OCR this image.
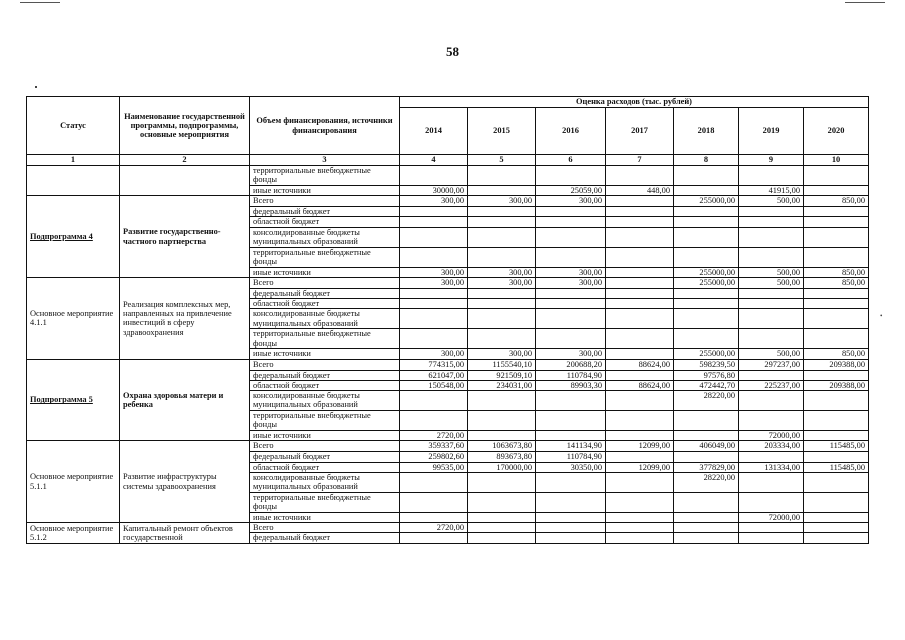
58
•
Статус	Наименование государственной программы, подпрограммы, основные мероприятия	Объем финансирования, источники финансирования	Оценка расходов (тыс. рублей)						
			2014	2015	2016	2017	2018	2019	2020
1	2	3	4	5	6	7	8	9	10
		территориальные внебюджетные фонды							
		иные источники	30000,00		25059,00	448,00		41915,00	
Подпрограмма 4	Развитие государственно-частного партнерства	Всего	300,00	300,00	300,00		255000,00	500,00	850,00
		федеральный бюджет							
		областной бюджет							
		консолидированные бюджеты муниципальных образований							
		территориальные внебюджетные фонды							
		иные источники	300,00	300,00	300,00		255000,00	500,00	850,00
Основное мероприятие 4.1.1	Реализация комплексных мер, направленных на привлечение инвестиций в сферу здравоохранения	Всего	300,00	300,00	300,00		255000,00	500,00	850,00
		федеральный бюджет							
		областной бюджет							
		консолидированные бюджеты муниципальных образований							
		территориальные внебюджетные фонды							
		иные источники	300,00	300,00	300,00		255000,00	500,00	850,00
Подпрограмма 5	Охрана здоровья матери и ребенка	Всего	774315,00	1155540,10	200688,20	88624,00	598239,50	297237,00	209388,00
		федеральный бюджет	621047,00	921509,10	110784,90		97576,80		
		областной бюджет	150548,00	234031,00	89903,30	88624,00	472442,70	225237,00	209388,00
		консолидированные бюджеты муниципальных образований					28220,00		
		территориальные внебюджетные фонды							
		иные источники	2720,00					72000,00	
Основное мероприятие 5.1.1	Развитие инфраструктуры системы здравоохранения	Всего	359337,60	1063673,80	141134,90	12099,00	406049,00	203334,00	115485,00
		федеральный бюджет	259802,60	893673,80	110784,90				
		областной бюджет	99535,00	170000,00	30350,00	12099,00	377829,00	131334,00	115485,00
		консолидированные бюджеты муниципальных образований					28220,00		
		территориальные внебюджетные фонды							
		иные источники						72000,00	
Основное мероприятие 5.1.2	Капитальный ремонт объектов государственной	Всего	2720,00						
		федеральный бюджет							
